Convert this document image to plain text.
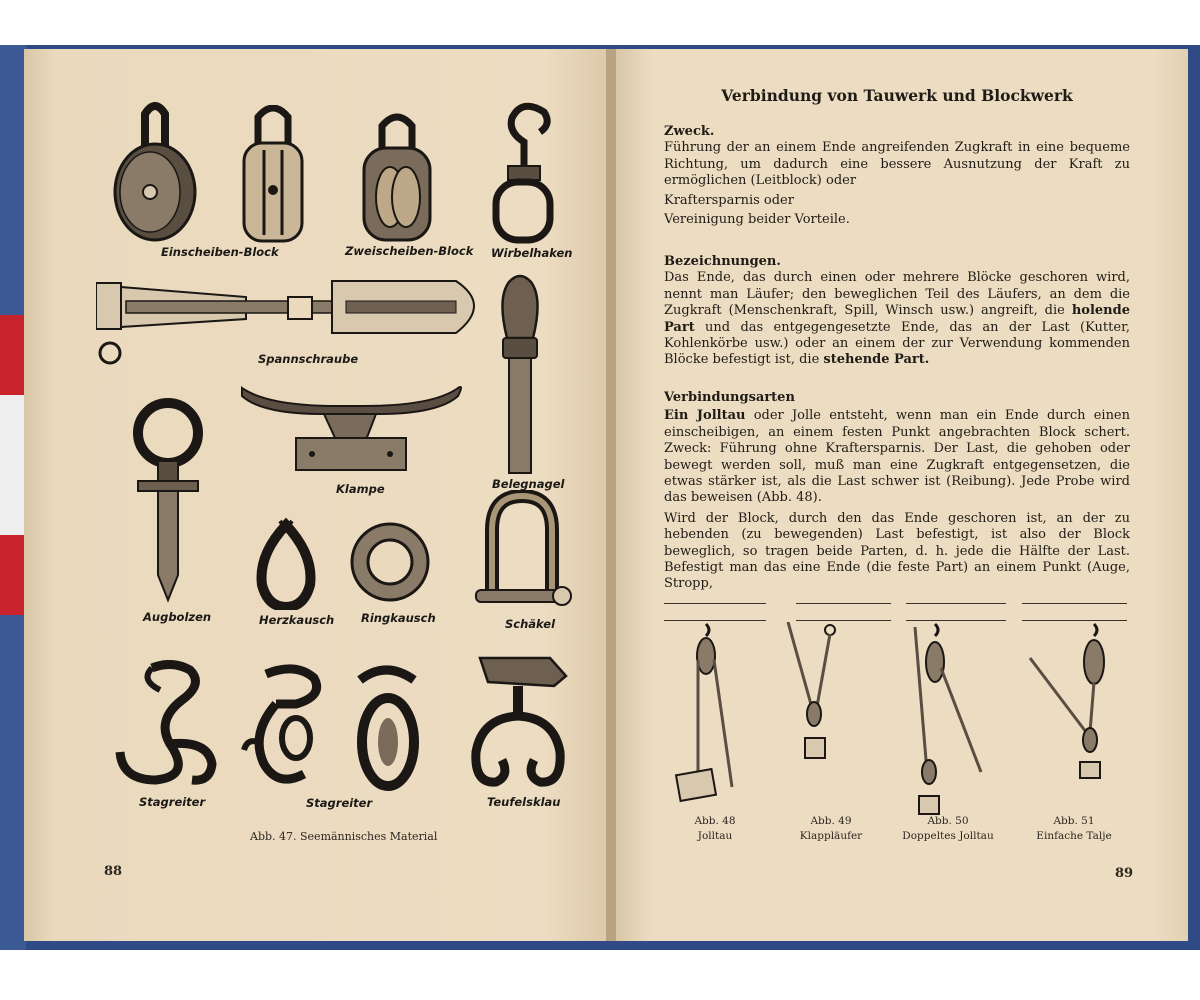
Einscheiben-Block	Zweischeiben-Block Wirbelhaken
Spannschraube
Klampe	Belegnagel
Augbolzen	Herzkausch Ringkausch	Schäkel
Stagreiter	Stagreiter	Teufelsklau
Abb. 47. Seemännisches Material
88
Verbindung von Tauwerk und Blockwerk

Zweck.

Führung der an einem Ende angreifenden Zugkraft in eine bequeme Richtung, um dadurch eine bessere Ausnutzung der Kraft zu ermöglichen (Leitblock) oder

Kraftersparnis oder

Vereinigung beider Vorteile.

Bezeichnungen.

Das Ende, das durch einen oder mehrere Blöcke geschoren wird, nennt man Läufer; den beweglichen Teil des Läufers, an dem die Zugkraft (Menschenkraft, Spill, Winsch usw.) angreift, die holende Part und das entgegengesetzte Ende, das an der Last (Kutter, Kohlenkörbe usw.) oder an einem der zur Verwendung kommenden Blöcke befestigt ist, die stehende Part.

Verbindungsarten

Ein Jolltau oder Jolle entsteht, wenn man ein Ende durch einen einscheibigen, an einem festen Punkt angebrachten Block schert. Zweck: Führung ohne Kraftersparnis. Der Last, die gehoben oder bewegt werden soll, muß man eine Zugkraft entgegensetzen, die etwas stärker ist, als die Last schwer ist (Reibung). Jede Probe wird das beweisen (Abb. 48).

Wird der Block, durch den das Ende geschoren ist, an der zu hebenden (zu bewegenden) Last befestigt, ist also der Block beweglich, so tragen beide Parten, d. h. jede die Hälfte der Last. Befestigt man das eine Ende (die feste Part) an einem Punkt (Auge, Stropp,

Abb. 48
Jolltau
Abb. 49
Klappläufer
Abb. 50
Doppeltes Jolltau
Abb. 51
Einfache Talje
89
